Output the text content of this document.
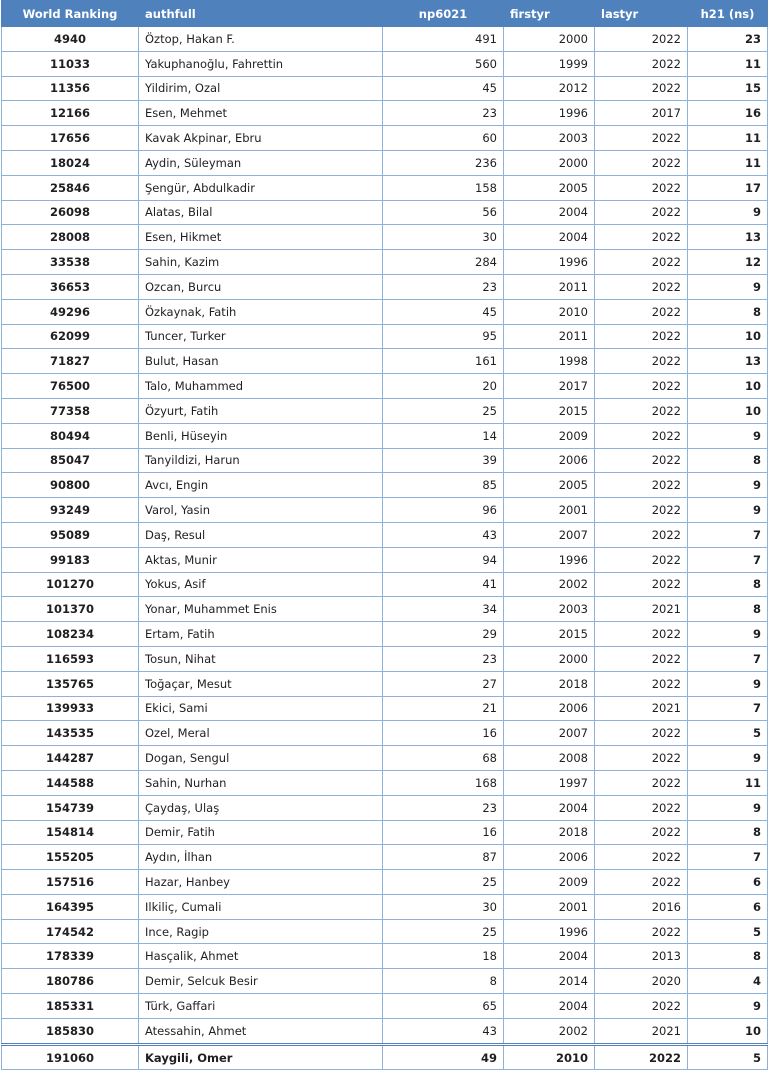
World Ranking	authfull	np6021	firstyr	lastyr	h21 (ns)
4940	Öztop, Hakan F.	491	2000	2022	23
11033	Yakuphanoğlu, Fahrettin	560	1999	2022	11
11356	Yildirim, Ozal	45	2012	2022	15
12166	Esen, Mehmet	23	1996	2017	16
17656	Kavak Akpinar, Ebru	60	2003	2022	11
18024	Aydin, Süleyman	236	2000	2022	11
25846	Şengür, Abdulkadir	158	2005	2022	17
26098	Alatas, Bilal	56	2004	2022	9
28008	Esen, Hikmet	30	2004	2022	13
33538	Sahin, Kazim	284	1996	2022	12
36653	Ozcan, Burcu	23	2011	2022	9
49296	Özkaynak, Fatih	45	2010	2022	8
62099	Tuncer, Turker	95	2011	2022	10
71827	Bulut, Hasan	161	1998	2022	13
76500	Talo, Muhammed	20	2017	2022	10
77358	Özyurt, Fatih	25	2015	2022	10
80494	Benli, Hüseyin	14	2009	2022	9
85047	Tanyildizi, Harun	39	2006	2022	8
90800	Avcı, Engin	85	2005	2022	9
93249	Varol, Yasin	96	2001	2022	9
95089	Daş, Resul	43	2007	2022	7
99183	Aktas, Munir	94	1996	2022	7
101270	Yokus, Asif	41	2002	2022	8
101370	Yonar, Muhammet Enis	34	2003	2021	8
108234	Ertam, Fatih	29	2015	2022	9
116593	Tosun, Nihat	23	2000	2022	7
135765	Toğaçar, Mesut	27	2018	2022	9
139933	Ekici, Sami	21	2006	2021	7
143535	Ozel, Meral	16	2007	2022	5
144287	Dogan, Sengul	68	2008	2022	9
144588	Sahin, Nurhan	168	1997	2022	11
154739	Çaydaş, Ulaş	23	2004	2022	9
154814	Demir, Fatih	16	2018	2022	8
155205	Aydın, İlhan	87	2006	2022	7
157516	Hazar, Hanbey	25	2009	2022	6
164395	Ilkiliç, Cumali	30	2001	2016	6
174542	Ince, Ragip	25	1996	2022	5
178339	Hasçalik, Ahmet	18	2004	2013	8
180786	Demir, Selcuk Besir	8	2014	2020	4
185331	Türk, Gaffari	65	2004	2022	9
185830	Atessahin, Ahmet	43	2002	2021	10
191060	Kaygili, Omer	49	2010	2022	5
